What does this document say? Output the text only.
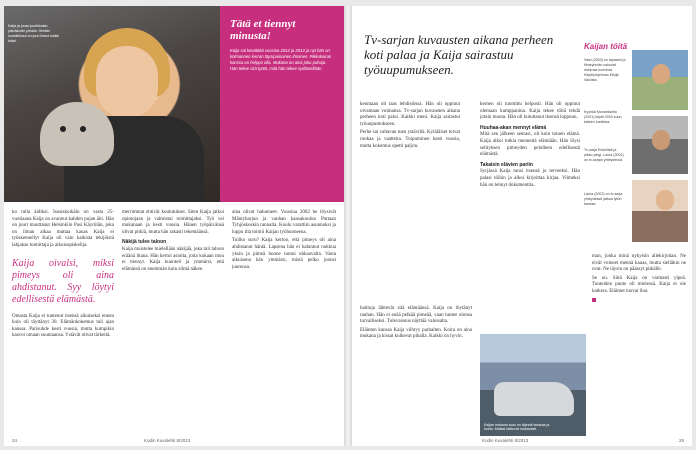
Kaija ja juuso juurikkalan päiväkodin pihalla. Heidän suosikkinsa on juuri ihana kaikki kalat.
Tätä et tiennyt minusta!
Kaija sai kesätöitä vuosina 2012 ja 2013 ja nyt hän on kolmannen kerran täysipainoinen ihminen. Pikkukoiran kanssa on helppo olla. Mukana on aina joku puhuja. Hän tekee sitä työtä, mitä hän tekee sydämellään.

ko tulla äidiksi. Isosiskoikäin on vasta 25-vuotiaana Kaija on avannut kahden pojan äiti. Hän on juuri muuttanut Helsinkiin Pasi Käyrölän, joka on ilman aikaa muttaa kauas Kaija ei työskennellyt Kaija oli vain kaikista tekijöistä lahjakas toimittaja ja aikuisopiskelija.

Kaija oivalsi, miksi pimeys oli aina ahdistanut. Syy löytyi edellisestä elämästä.

Omasta Kaija ei tuntenut itsensä aikuiseksi ennen kuin oli täyttänyt 30. Elämänkokemus tuli ajan kanssa. Parisuhde kesti vuosia, mutta kumpikin kasvoi omaan suuntaansa. Ystävät olivat tärkeitä.

merrimmat ehtivät koulutukset. Siten Kaija jatkoi opintojaan ja valmistui toimittajaksi. Työ vei mukanaan ja kesti vuosia. Hänen työpäivänsä olivat pitkiä, mutta hän rakasti tekemäänsä.

Näkijä tulee taloon

Kaija muistelee mielellään näkijää, joka tuli taloon eräänä iltana. Hän kertoi asioita, joita kukaan muu ei tiennyt. Kaija kuunteli ja ymmärsi, että elämässä on enemmän kuin silmä näkee.

aina olivat halunneet. Vuosina 2002 he löysivät Mäntyharjun ja vanhan kansakoulun Puttaan Tyhjöskoskin rannalla. Koulu varattiin asunnoksi ja loppu tila toimii Kaijan työhuoneena.

Tuliko suru? Kaija kertoo, että pimeys oli aina ahdistanut häntä. Lapsena hän ei halunnut nukkua yksin ja pimeä huone tuntui uhkaavalta. Vasta aikuisena hän ymmärsi, mistä pelko juonsi juurensa.

24	Kodin Kuvalehti 8/2013
Tv-sarjan kuvausten aikana perheen koti palaa ja Kaija sairastuu työuupumukseen.
Kaijan töitä
Vaisi (2003) on tapaami ja filmiryhmän uskovat dokkusa tuomista. Käyttöohjelman Etsijä Valoista.
Kyyhkä Mooseksella (2001) käytti 2000 suun taiteen luettelua.
Tv-sarja Enkelistä ja pikku-pingi, Laura (2002) on tv-sarjan yhteydessä.
Laura (2002) on tv-sarja yhteydessä jatkoa tytön kanssa.

kenmaan oli taas lehdistössä. Hän oli oppinut oivamaan voimansa. Tv-sarjan kuvausten aikana perheen koti paloi. Kaikki meni. Kaija sairastui työuupumukseen.

Perhe sai valtavan tuen ystäviltä. Kyläläiset toivat ruokaa ja vaatteita. Toipuminen kesti vuosia, mutta kokemus opetti paljon.

kernen oli tuomittu helposti. Hän oli oppinut olemaan kumppanina. Kaija tekee töitä tehdä jotain muuta. Hän oli kuluttanut itsensä loppuun.

Huuhaa-akan mennyt elämä

Mitä sen jälkeen seurasi, oli kuin toinen elämä. Kaija alkoi tutkia menneitä elämiään. Hän löysi selityksen pimeyden pelolleen edellisestä elämästä.

Takaisin elävien pariin

Syrjässä Kaija tunsi itsensä jo terveeksi. Hän palasi töihin ja alkoi kirjoittaa kirjaa. Viimeksi hän on tehnyt dokumenttia.

man, jonka minä nykyisin allekirjoitan. Ne eivät voineet mennä kauas, mutta sielläkin ne ovat. Ne täysin on päässyt pitkälle.

Se on. Siitä Kaija on varmasti ylpeä. Tunteiden puute oli mielessä. Kaija ei ole katkera. Eläimet tuovat iloa.

haittoja lähtevät sitä elämäänsä. Kaija on löytänyt rauhan. Hän ei enää pelkää pimeää, vaan tuntee olonsa turvalliseksi. Tulevaisuus näyttää valoisalta.

Eläinten kanssa Kaija viihtyy parhaiten. Koira on aina mukana ja kissat kulkevat pihalla. Kaikki on hyvin.

Kaijan mukana auto on täynnä tavaraa ja koiria. Matkat taittuvat mukavasti.
Kodin Kuvalehti 8/2013	25
